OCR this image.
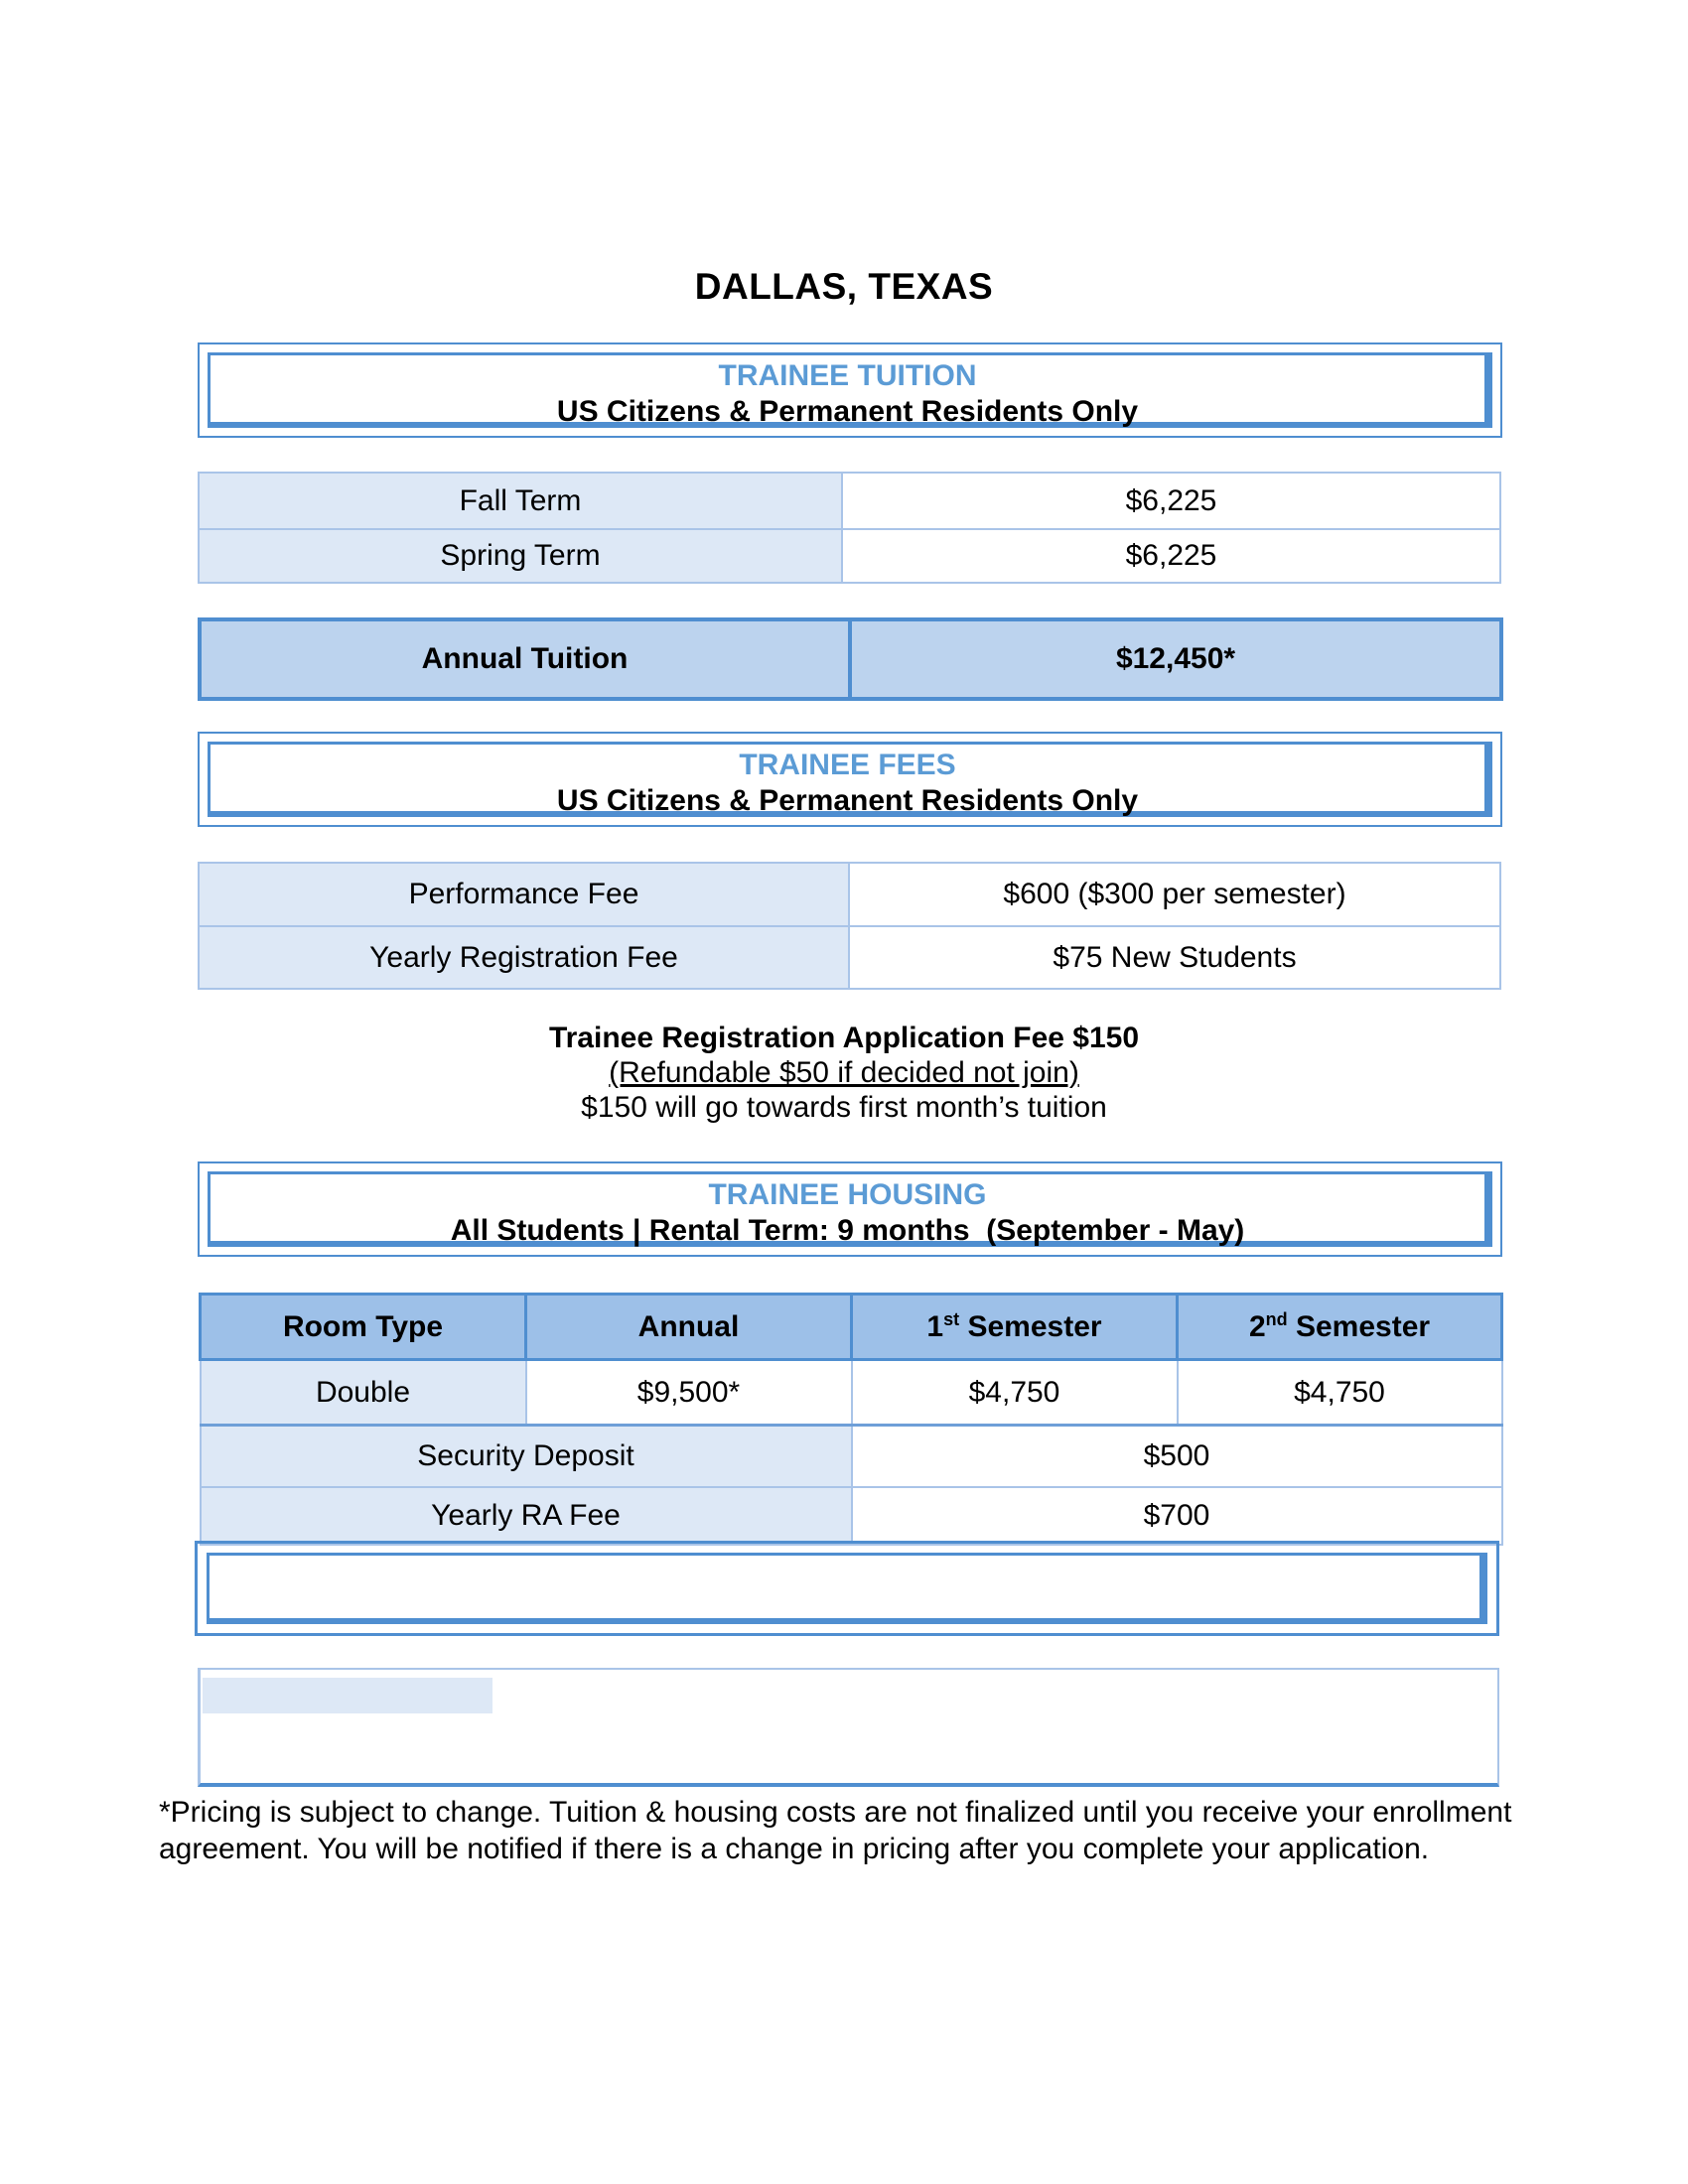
DALLAS, TEXAS
TRAINEE TUITION
US Citizens & Permanent Residents Only
Fall Term	$6,225
Spring Term	$6,225
Annual Tuition	$12,450*
TRAINEE FEES
US Citizens & Permanent Residents Only
Performance Fee	$600 ($300 per semester)
Yearly Registration Fee	$75 New Students
Trainee Registration Application Fee $150
(Refundable $50 if decided not join)
$150 will go towards first month’s tuition
TRAINEE HOUSING
All Students | Rental Term: 9 months  (September - May)
Room Type	Annual	1st Semester	2nd Semester
Double	$9,500*	$4,750	$4,750
Security Deposit		$500	
Yearly RA Fee		$700	
*Pricing is subject to change. Tuition & housing costs are not finalized until you receive your enrollment agreement. You will be notified if there is a change in pricing after you complete your application.
